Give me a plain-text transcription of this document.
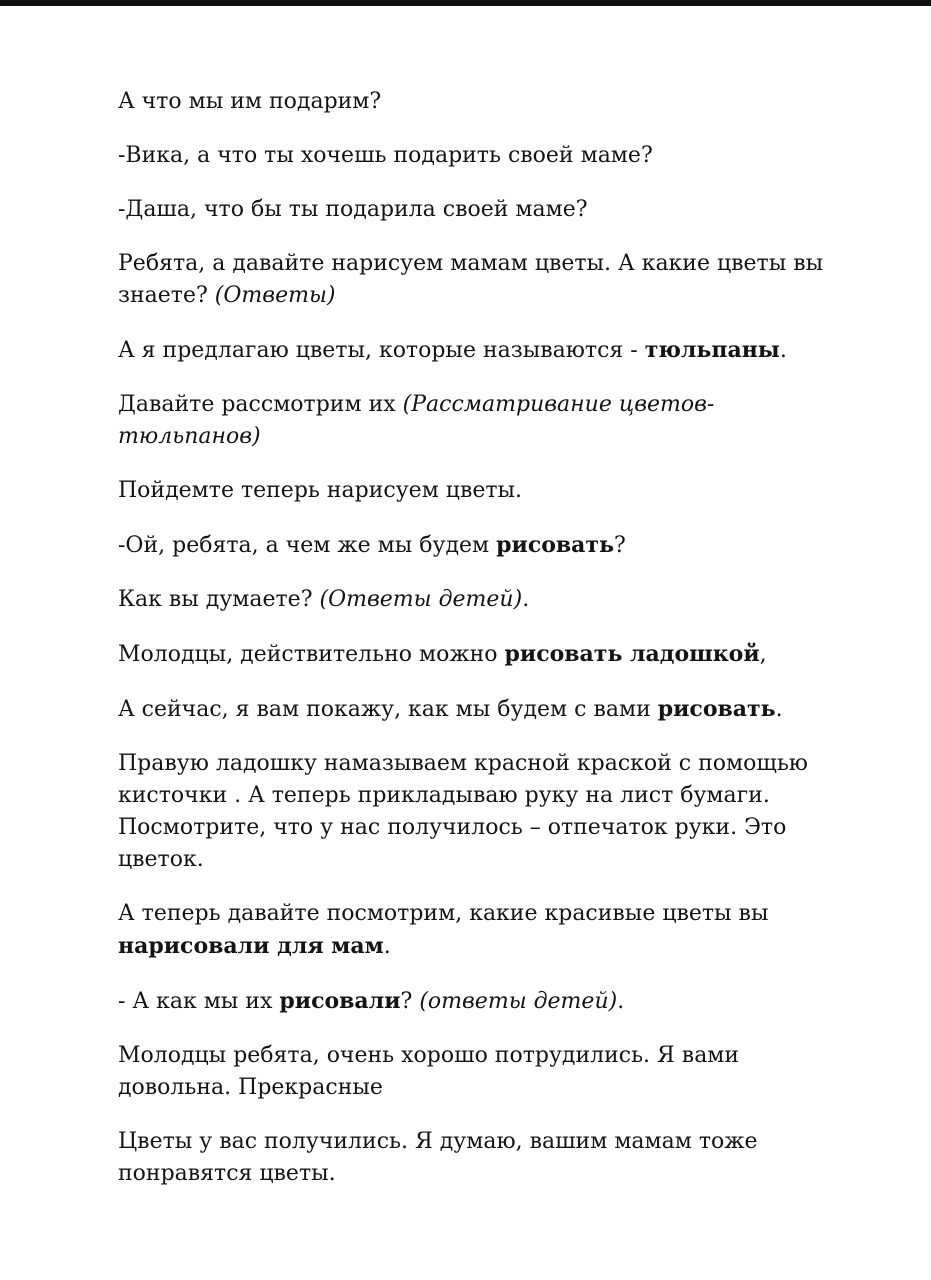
А что мы им подарим?

-Вика, а что ты хочешь подарить своей маме?

-Даша, что бы ты подарила своей маме?

Ребята, а давайте нарисуем мамам цветы. А какие цветы вы знаете? (Ответы)

А я предлагаю цветы, которые называются - тюльпаны.

Давайте рассмотрим их (Рассматривание цветов-тюльпанов)

Пойдемте теперь нарисуем цветы.

-Ой, ребята, а чем же мы будем рисовать?

Как вы думаете? (Ответы детей).

Молодцы, действительно можно рисовать ладошкой,

А сейчас, я вам покажу, как мы будем с вами рисовать.

Правую ладошку намазываем красной краской с помощью кисточки . А теперь прикладываю руку на лист бумаги. Посмотрите, что у нас получилось – отпечаток руки. Это цветок.

А теперь давайте посмотрим, какие красивые цветы вы нарисовали для мам.

- А как мы их рисовали? (ответы детей).

Молодцы ребята, очень хорошо потрудились. Я вами довольна. Прекрасные

Цветы у вас получились. Я думаю, вашим мамам тоже понравятся цветы.
